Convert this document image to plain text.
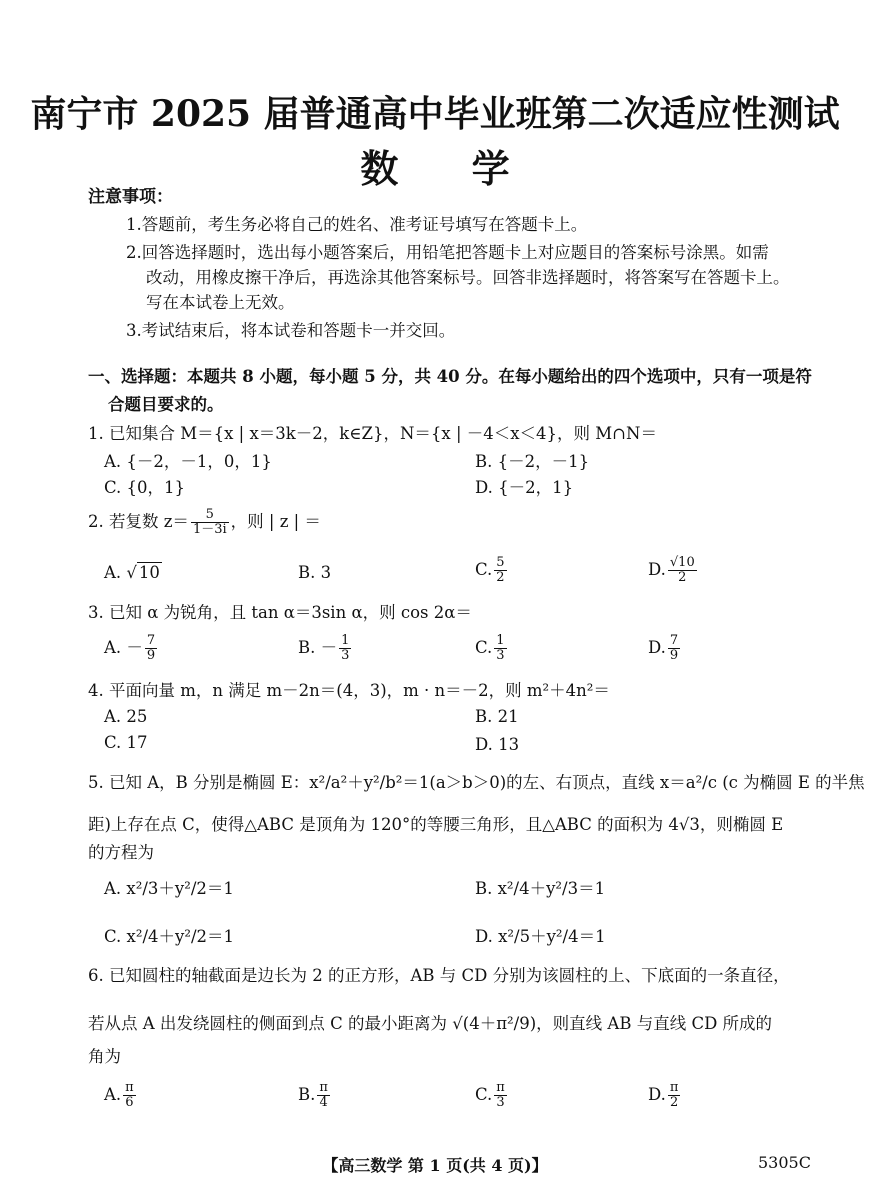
南宁市 2025 届普通高中毕业班第二次适应性测试
数 学
注意事项：
1.答题前，考生务必将自己的姓名、准考证号填写在答题卡上。
2.回答选择题时，选出每小题答案后，用铅笔把答题卡上对应题目的答案标号涂黑。如需
改动，用橡皮擦干净后，再选涂其他答案标号。回答非选择题时，将答案写在答题卡上。
写在本试卷上无效。
3.考试结束后，将本试卷和答题卡一并交回。
一、选择题：本题共 8 小题，每小题 5 分，共 40 分。在每小题给出的四个选项中，只有一项是符
合题目要求的。
1. 已知集合 M＝{x | x＝3k－2，k∈Z}，N＝{x | －4＜x＜4}，则 M∩N＝
A. {－2，－1，0，1}	B. {－2，－1}
C. {0，1}	D. {－2，1}
2. 若复数 $z= \frac{5}{1-3i}$ ，则 | z | ＝
A. √ 10	B. 3	C. $\frac{5}{2}$	D. $\frac{√10}{2}$
3. 已知 α 为锐角，且 tan α＝3sin α，则 cos 2α＝
A. － $\frac{7}{9}$	B. － $\frac{1}{3}$	C. $\frac{1}{3}$	D. $\frac{7}{9}$
4. 平面向量 m，n 满足 m－2n＝(4，3)，m · n＝－2，则 m²＋4n²＝
A. 25	B. 21
C. 17	D. 13
5. 已知 A，B 分别是椭圆 E：x²/a²＋y²/b²＝1(a＞b＞0)的左、右顶点，直线 x＝a²/c (c 为椭圆 E 的半焦
距)上存在点 C，使得△ABC 是顶角为 120°的等腰三角形，且△ABC 的面积为 4√3，则椭圆 E
的方程为
A. x²/3＋y²/2＝1	B. x²/4＋y²/3＝1
C. x²/4＋y²/2＝1	D. x²/5＋y²/4＝1
6. 已知圆柱的轴截面是边长为 2 的正方形，AB 与 CD 分别为该圆柱的上、下底面的一条直径，
若从点 A 出发绕圆柱的侧面到点 C 的最小距离为 √(4＋π²/9)，则直线 AB 与直线 CD 所成的
角为
A. $\frac{\pi}{6}$	B. $\frac{\pi}{4}$	C. $\frac{\pi}{3}$	D. $\frac{\pi}{2}$
【高三数学 第 1 页(共 4 页)】	5305C
